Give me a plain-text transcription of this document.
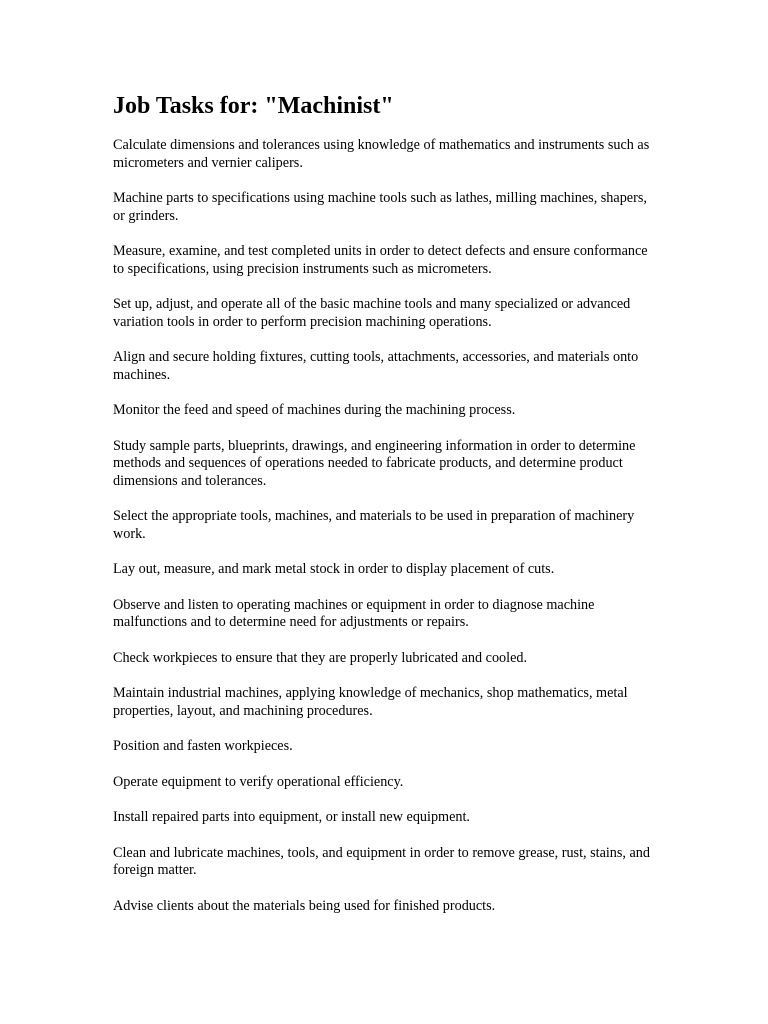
Job Tasks for: "Machinist"

Calculate dimensions and tolerances using knowledge of mathematics and instruments such as micrometers and vernier calipers.

Machine parts to specifications using machine tools such as lathes, milling machines, shapers, or grinders.

Measure, examine, and test completed units in order to detect defects and ensure conformance to specifications, using precision instruments such as micrometers.

Set up, adjust, and operate all of the basic machine tools and many specialized or advanced variation tools in order to perform precision machining operations.

Align and secure holding fixtures, cutting tools, attachments, accessories, and materials onto machines.

Monitor the feed and speed of machines during the machining process.

Study sample parts, blueprints, drawings, and engineering information in order to determine methods and sequences of operations needed to fabricate products, and determine product dimensions and tolerances.

Select the appropriate tools, machines, and materials to be used in preparation of machinery work.

Lay out, measure, and mark metal stock in order to display placement of cuts.

Observe and listen to operating machines or equipment in order to diagnose machine malfunctions and to determine need for adjustments or repairs.

Check workpieces to ensure that they are properly lubricated and cooled.

Maintain industrial machines, applying knowledge of mechanics, shop mathematics, metal properties, layout, and machining procedures.

Position and fasten workpieces.

Operate equipment to verify operational efficiency.

Install repaired parts into equipment, or install new equipment.

Clean and lubricate machines, tools, and equipment in order to remove grease, rust, stains, and foreign matter.

Advise clients about the materials being used for finished products.
